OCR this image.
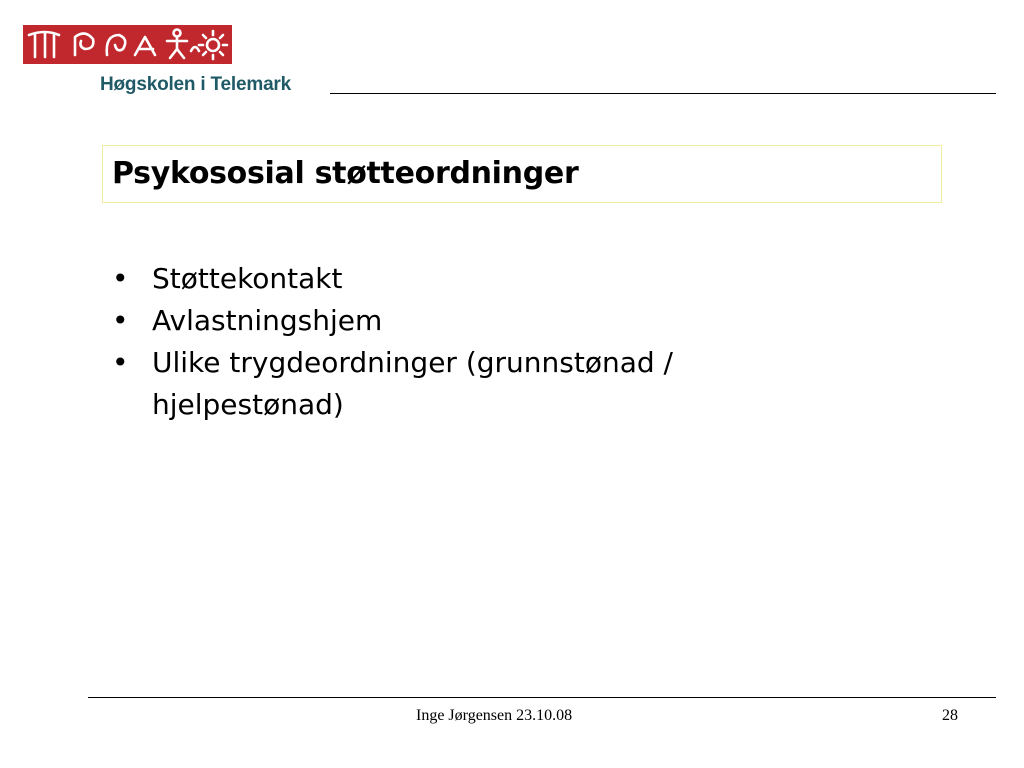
Høgskolen i Telemark
Psykososial støtteordninger
• Støttekontakt
• Avlastningshjem
• Ulike trygdeordninger (grunnstønad / hjelpestønad)
Inge Jørgensen 23.10.08	28
